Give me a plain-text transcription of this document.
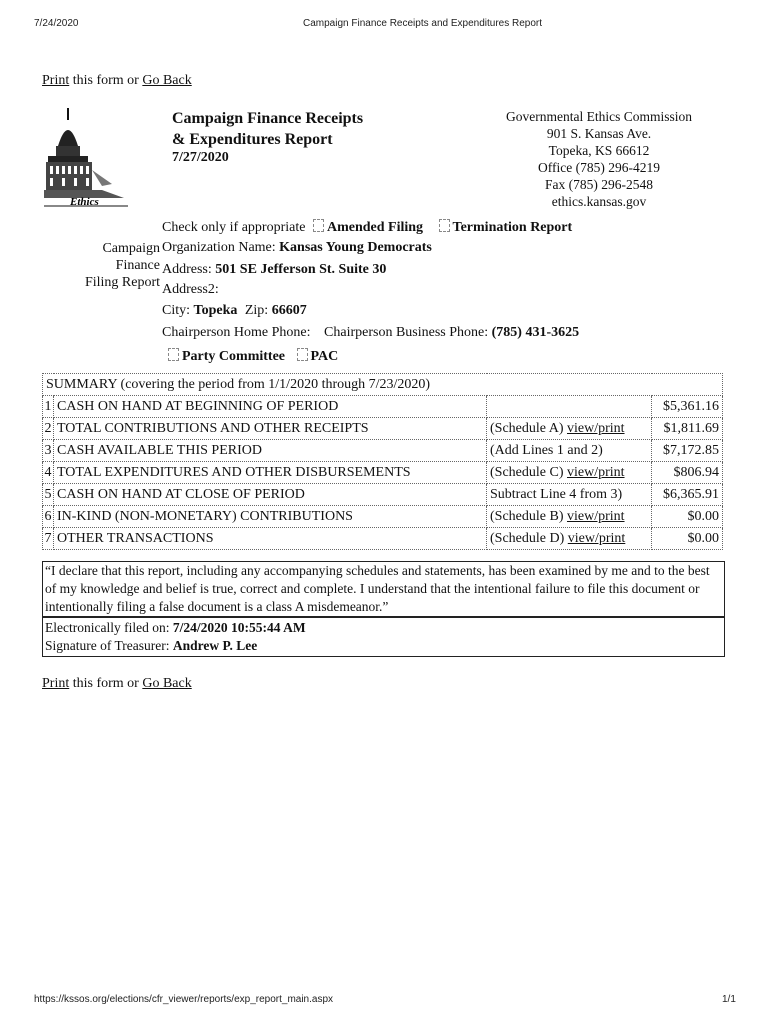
7/24/2020	Campaign Finance Receipts and Expenditures Report
Print this form or Go Back
Ethics
Campaign Finance Receipts
& Expenditures Report
7/27/2020
Governmental Ethics Commission
901 S. Kansas Ave.
Topeka, KS 66612
Office (785) 296-4219
Fax (785) 296-2548
ethics.kansas.gov
Check only if appropriate Amended Filing Termination Report
Campaign
Finance
Filing Report
Organization Name: Kansas Young Democrats
Address: 501 SE Jefferson St. Suite 30
Address2:
City: Topeka Zip: 66607
Chairperson Home Phone: Chairperson Business Phone: (785) 431-3625
Party Committee PAC
SUMMARY (covering the period from 1/1/2020 through 7/23/2020)			
1	CASH ON HAND AT BEGINNING OF PERIOD		$5,361.16
2	TOTAL CONTRIBUTIONS AND OTHER RECEIPTS	(Schedule A) view/print	$1,811.69
3	CASH AVAILABLE THIS PERIOD	(Add Lines 1 and 2)	$7,172.85
4	TOTAL EXPENDITURES AND OTHER DISBURSEMENTS	(Schedule C) view/print	$806.94
5	CASH ON HAND AT CLOSE OF PERIOD	Subtract Line 4 from 3)	$6,365.91
6	IN-KIND (NON-MONETARY) CONTRIBUTIONS	(Schedule B) view/print	$0.00
7	OTHER TRANSACTIONS	(Schedule D) view/print	$0.00
“I declare that this report, including any accompanying schedules and statements, has been examined by me and to the best of my knowledge and belief is true, correct and complete. I understand that the intentional failure to file this document or intentionally filing a false document is a class A misdemeanor.”
Electronically filed on: 7/24/2020 10:55:44 AM
Signature of Treasurer: Andrew P. Lee
Print this form or Go Back
https://kssos.org/elections/cfr_viewer/reports/exp_report_main.aspx	1/1
